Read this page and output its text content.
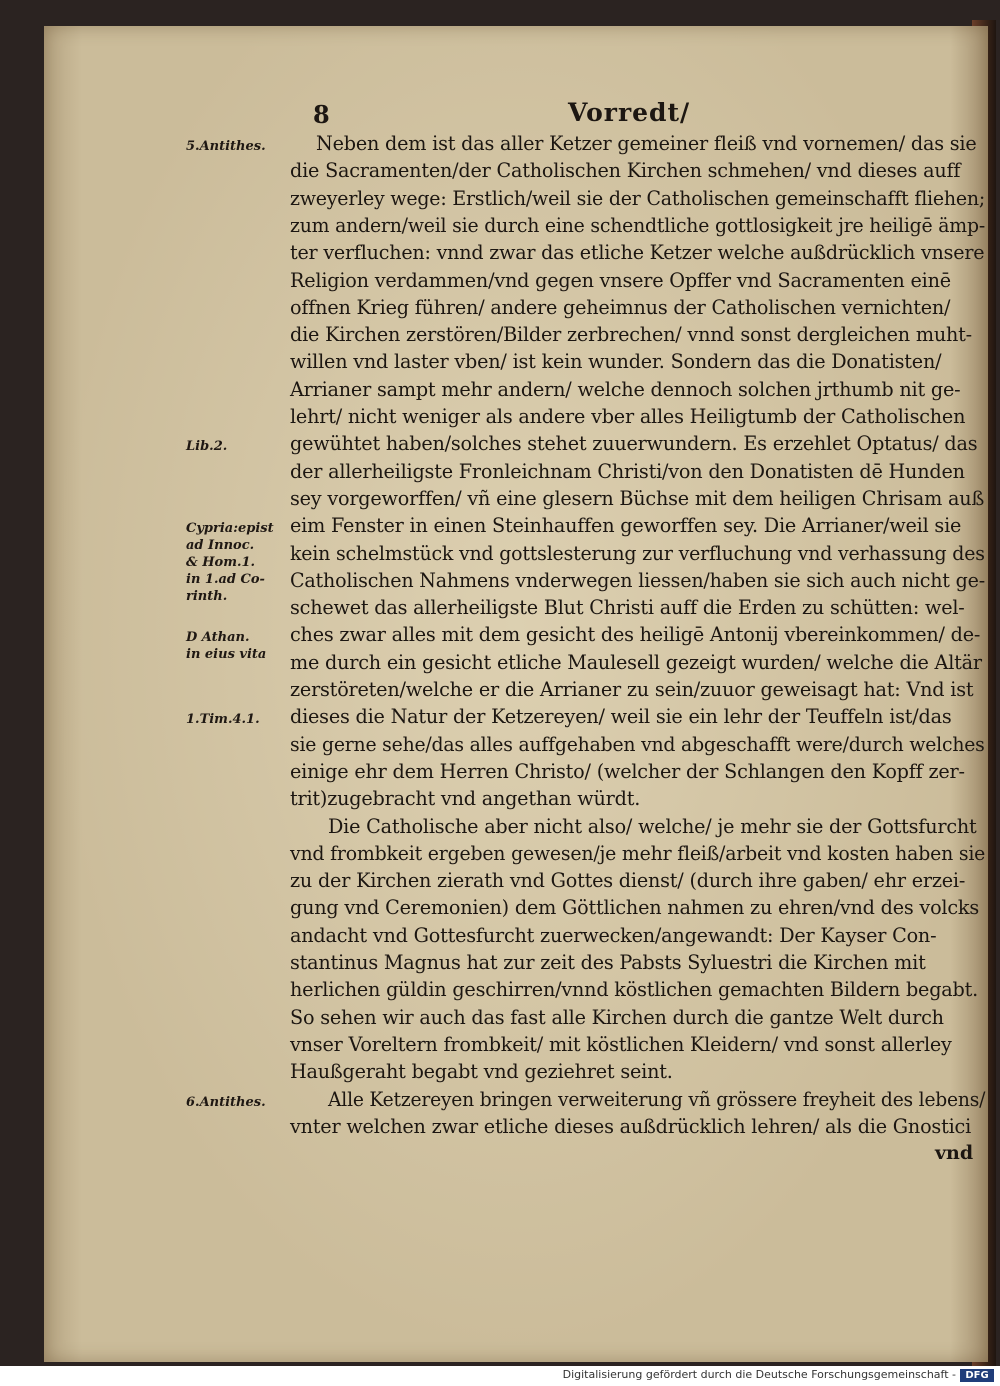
8	Vorredt/

5.Antithes.

Lib.2.

Cypria:epist
ad Innoc.
& Hom.1.
in 1.ad Co-
rinth.

D Athan.
in eius vita

1.Tim.4.1.

6.Antithes.

Neben dem ist das aller Ketzer gemeiner fleiß vnd vornemen/ das sie

die Sacramenten/der Catholischen Kirchen schmehen/ vnd dieses auff

zweyerley wege: Erstlich/weil sie der Catholischen gemeinschafft fliehen;

zum andern/weil sie durch eine schendtliche gottlosigkeit jre heiligē ämp-

ter verfluchen: vnnd zwar das etliche Ketzer welche außdrücklich vnsere

Religion verdammen/vnd gegen vnsere Opffer vnd Sacramenten einē

offnen Krieg führen/ andere geheimnus der Catholischen vernichten/

die Kirchen zerstören/Bilder zerbrechen/ vnnd sonst dergleichen muht-

willen vnd laster vben/ ist kein wunder. Sondern das die Donatisten/

Arrianer sampt mehr andern/ welche dennoch solchen jrthumb nit ge-

lehrt/ nicht weniger als andere vber alles Heiligtumb der Catholischen

gewühtet haben/solches stehet zuuerwundern. Es erzehlet Optatus/ das

der allerheiligste Fronleichnam Christi/von den Donatisten dē Hunden

sey vorgeworffen/ vñ eine glesern Büchse mit dem heiligen Chrisam auß

eim Fenster in einen Steinhauffen geworffen sey. Die Arrianer/weil sie

kein schelmstück vnd gottslesterung zur verfluchung vnd verhassung des

Catholischen Nahmens vnderwegen liessen/haben sie sich auch nicht ge-

schewet das allerheiligste Blut Christi auff die Erden zu schütten: wel-

ches zwar alles mit dem gesicht des heiligē Antonij vbereinkommen/ de-

me durch ein gesicht etliche Maulesell gezeigt wurden/ welche die Altär

zerstöreten/welche er die Arrianer zu sein/zuuor geweisagt hat: Vnd ist

dieses die Natur der Ketzereyen/ weil sie ein lehr der Teuffeln ist/das

sie gerne sehe/das alles auffgehaben vnd abgeschafft were/durch welches

einige ehr dem Herren Christo/ (welcher der Schlangen den Kopff zer-

trit)zugebracht vnd angethan würdt.

Die Catholische aber nicht also/ welche/ je mehr sie der Gottsfurcht

vnd frombkeit ergeben gewesen/je mehr fleiß/arbeit vnd kosten haben sie

zu der Kirchen zierath vnd Gottes dienst/ (durch ihre gaben/ ehr erzei-

gung vnd Ceremonien) dem Göttlichen nahmen zu ehren/vnd des volcks

andacht vnd Gottesfurcht zuerwecken/angewandt: Der Kayser Con-

stantinus Magnus hat zur zeit des Pabsts Syluestri die Kirchen mit

herlichen güldin geschirren/vnnd köstlichen gemachten Bildern begabt.

So sehen wir auch das fast alle Kirchen durch die gantze Welt durch

vnser Voreltern frombkeit/ mit köstlichen Kleidern/ vnd sonst allerley

Haußgeraht begabt vnd geziehret seint.

Alle Ketzereyen bringen verweiterung vñ grössere freyheit des lebens/

vnter welchen zwar etliche dieses außdrücklich lehren/ als die Gnostici

vnd

Digitalisierung gefördert durch die Deutsche Forschungsgemeinschaft - DFG
